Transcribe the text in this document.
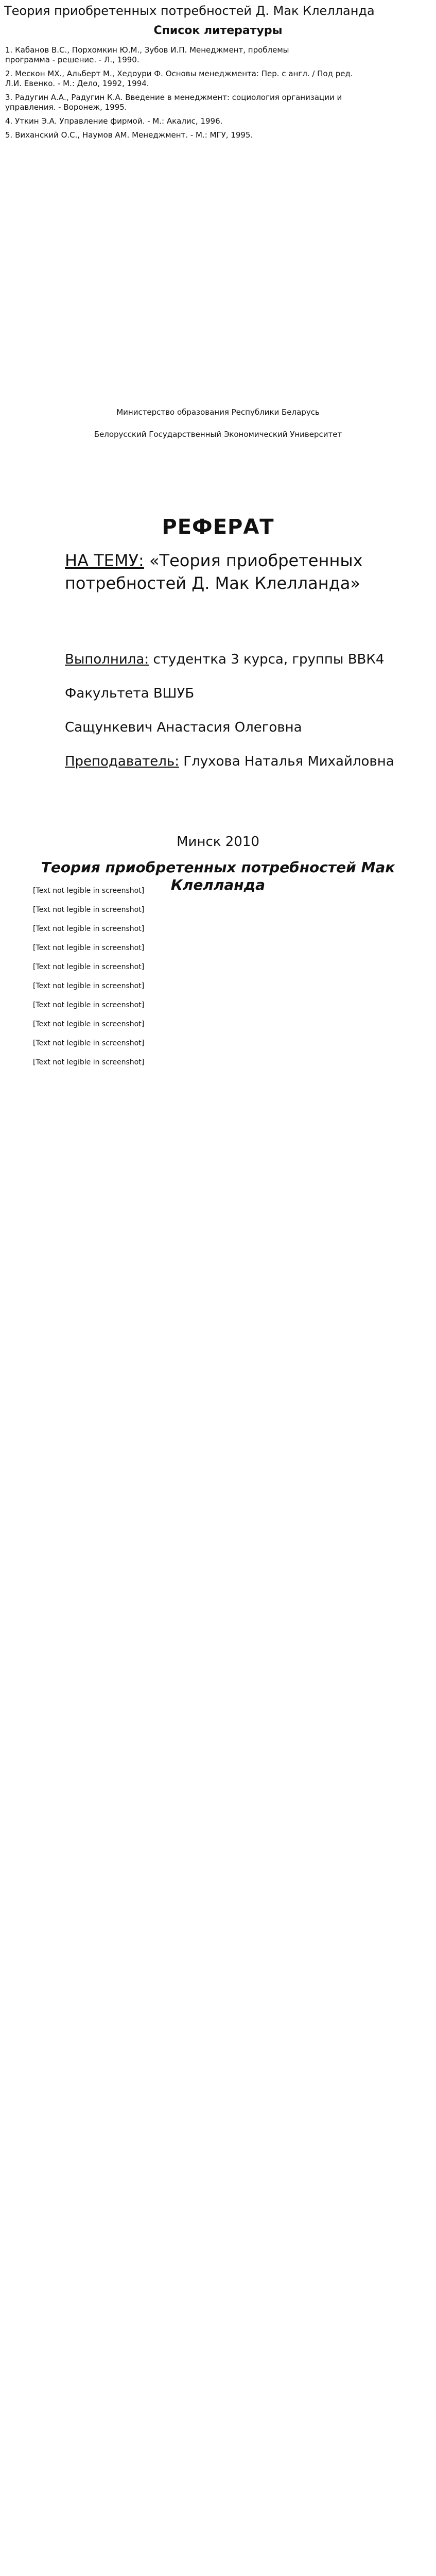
Теория приобретенных потребностей Д. Мак Клелланда
Список литературы

1. Кабанов В.С., Порхомкин Ю.М., Зубов И.П. Менеджмент, проблемы
программа - решение. - Л., 1990.

2. Мескон МХ., Альберт М., Хедоури Ф. Основы менеджмента: Пер. с англ. / Под ред.
Л.И. Евенко. - М.: Дело, 1992, 1994.

3. Радугин А.А., Радугин К.А. Введение в менеджмент: социология организации и
управления. - Воронеж, 1995.

4. Уткин Э.А. Управление фирмой. - М.: Акалис, 1996.

5. Виханский О.С., Наумов AM. Менеджмент. - М.: МГУ, 1995.

Министерство образования Республики Беларусь

Белорусский Государственный Экономический Университет

РЕФЕРАТ
НА ТЕМУ: «Теория приобретенных потребностей Д. Мак Клелланда»

Выполнила: студентка 3 курса, группы ВВК4

Факультета ВШУБ

Сащункевич Анастасия Олеговна

Преподаватель: Глухова Наталья Михайловна

Минск 2010
Теория приобретенных потребностей Мак Клелланда

[Text not legible in screenshot]

[Text not legible in screenshot]

[Text not legible in screenshot]

[Text not legible in screenshot]

[Text not legible in screenshot]

[Text not legible in screenshot]

[Text not legible in screenshot]

[Text not legible in screenshot]

[Text not legible in screenshot]

[Text not legible in screenshot]
